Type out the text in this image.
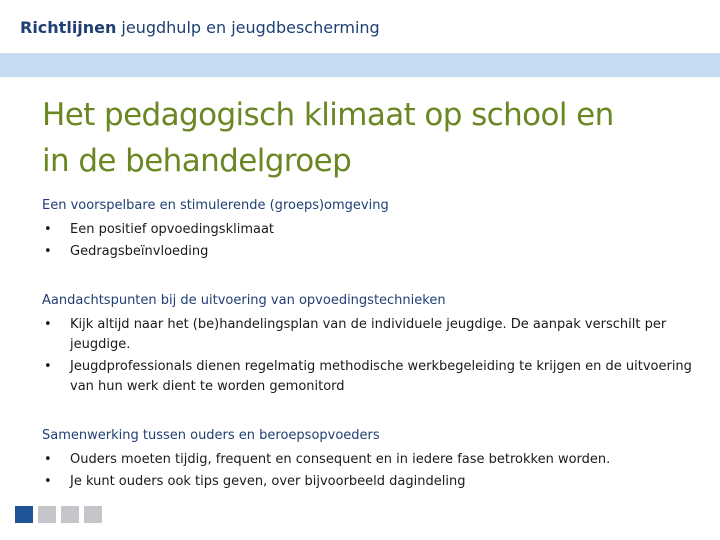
Richtlijnen jeugdhulp en jeugdbescherming
Het pedagogisch klimaat op school en
in de behandelgroep
Een voorspelbare en stimulerende (groeps)omgeving
• Een positief opvoedingsklimaat
• Gedragsbeïnvloeding
Aandachtspunten bij de uitvoering van opvoedingstechnieken
• Kijk altijd naar het (be)handelingsplan van de individuele jeugdige. De aanpak verschilt per jeugdige.
• Jeugdprofessionals dienen regelmatig methodische werkbegeleiding te krijgen en de uitvoering van hun werk dient te worden gemonitord
Samenwerking tussen ouders en beroepsopvoeders
• Ouders moeten tijdig, frequent en consequent en in iedere fase betrokken worden.
• Je kunt ouders ook tips geven, over bijvoorbeeld dagindeling
